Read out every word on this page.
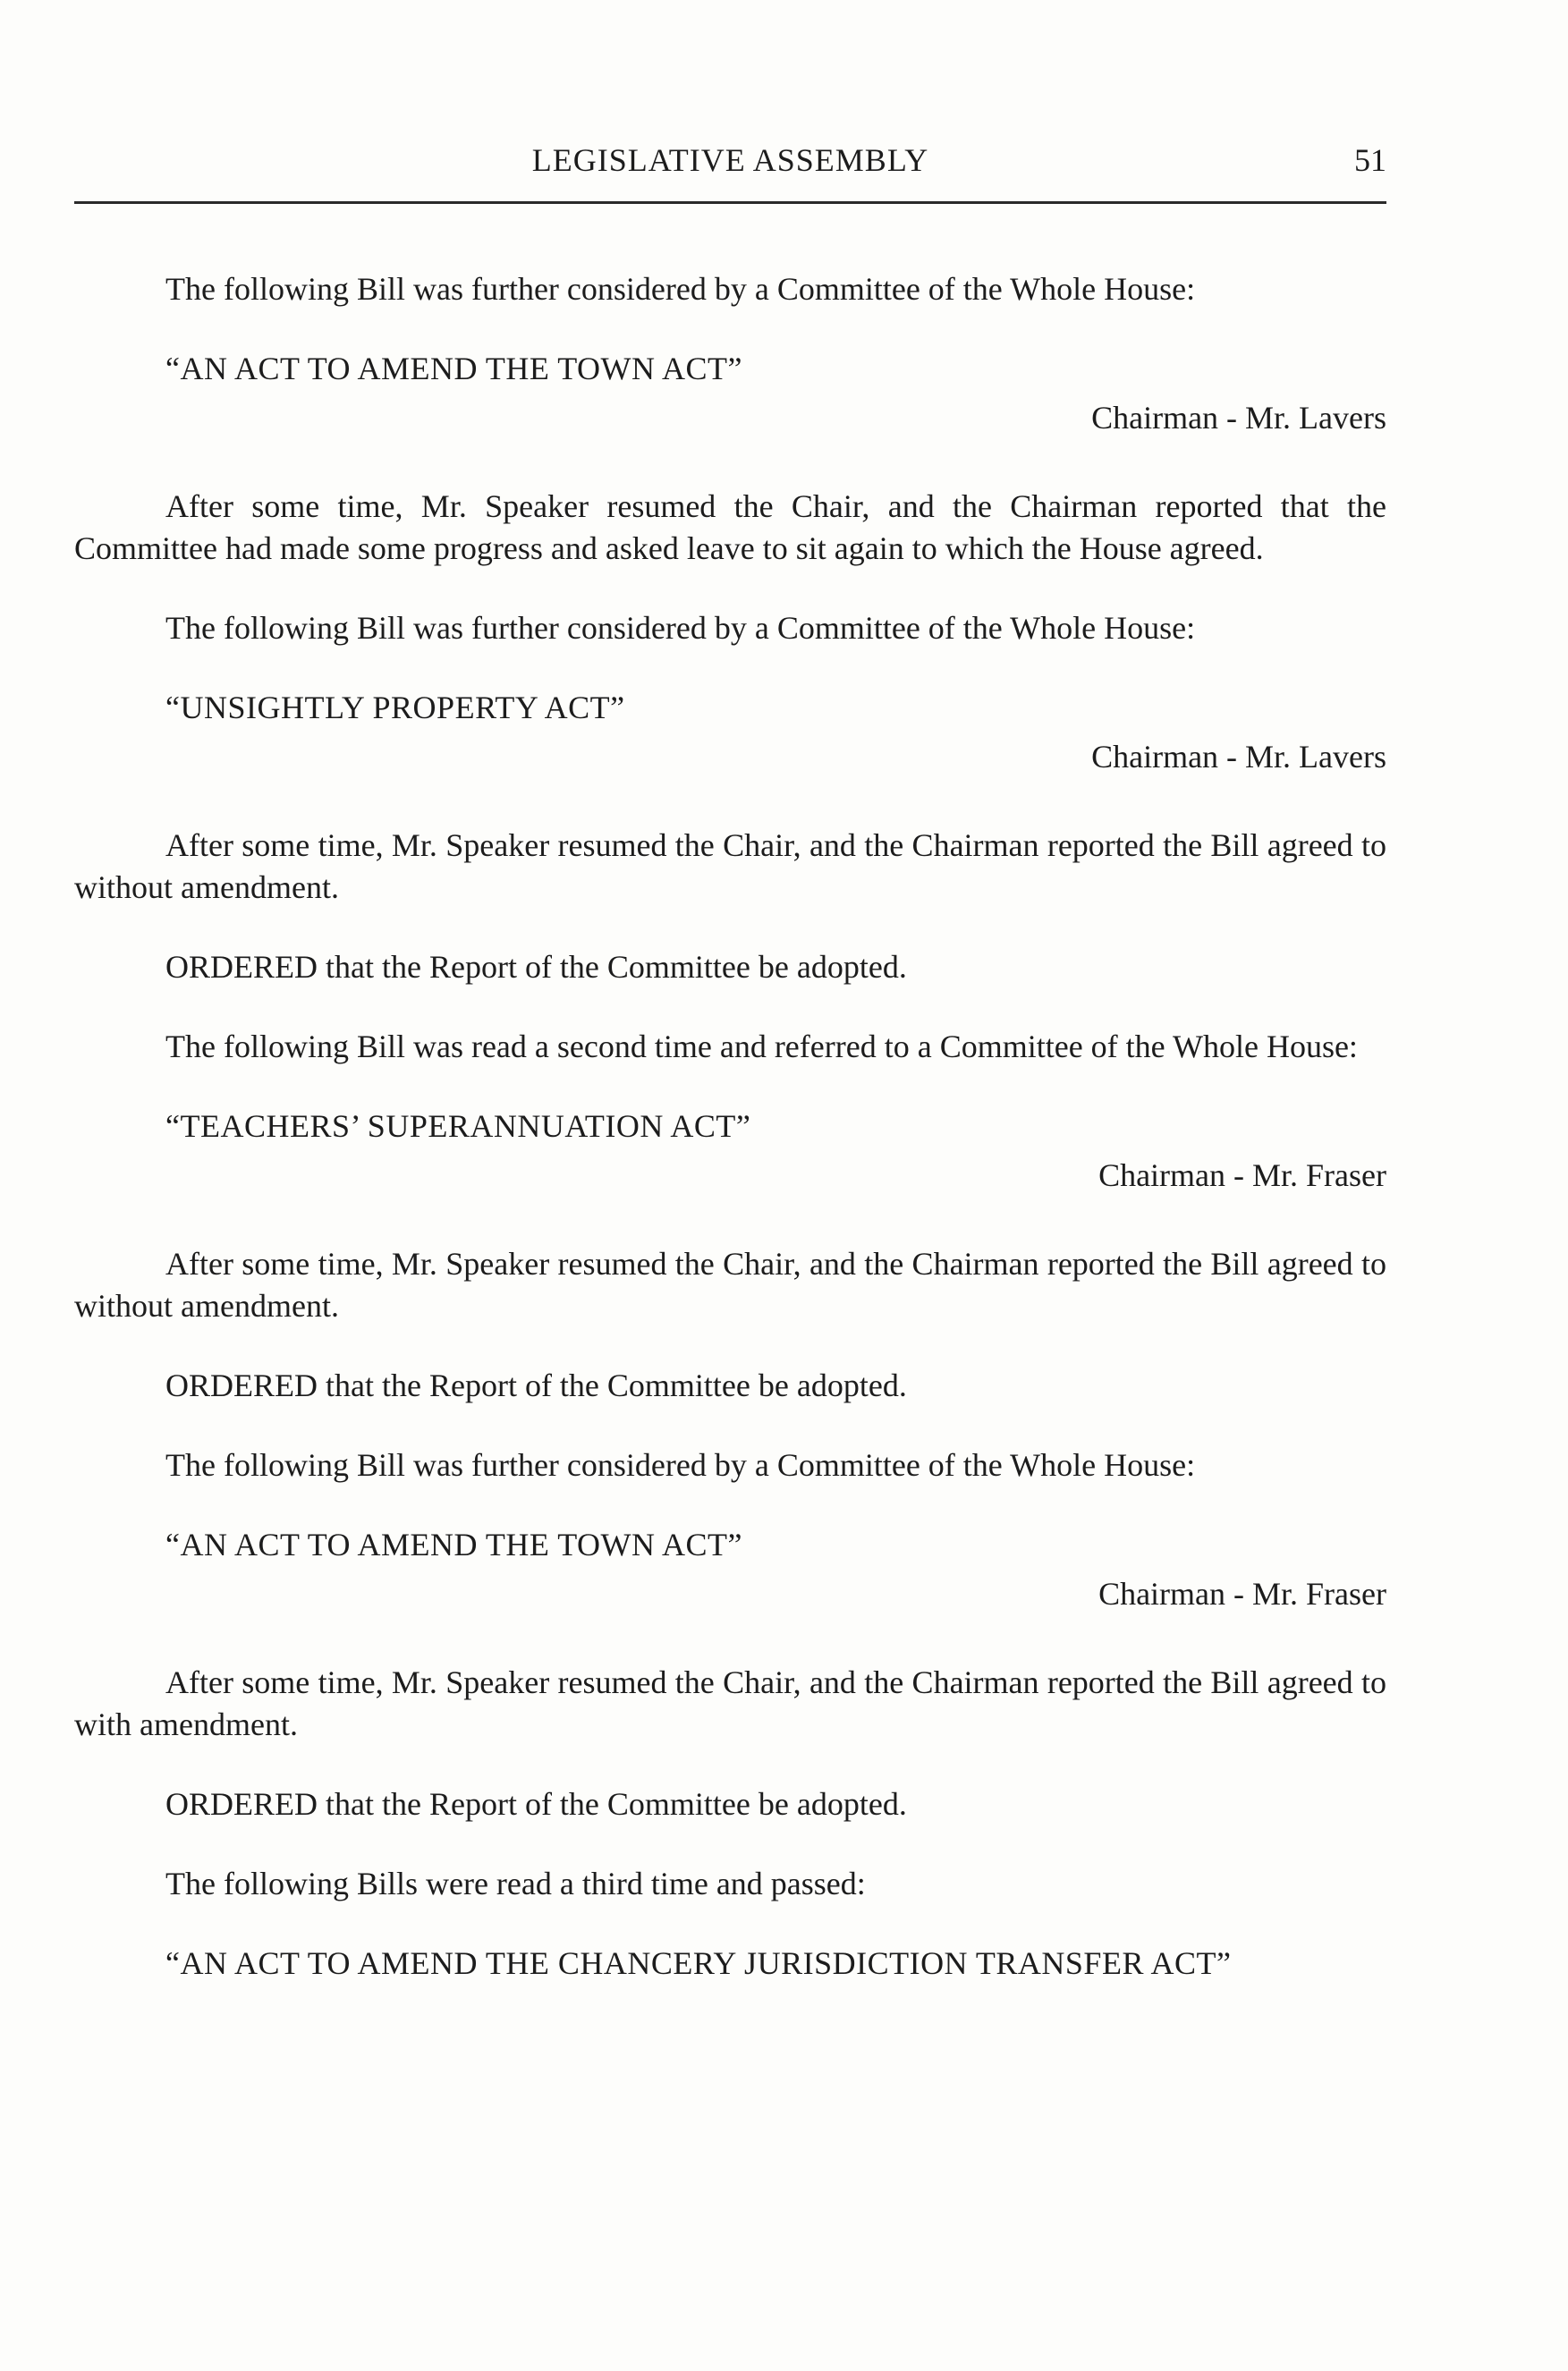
LEGISLATIVE ASSEMBLY	51

The following Bill was further considered by a Committee of the Whole House:

“AN ACT TO AMEND THE TOWN ACT”

Chairman - Mr. Lavers

After some time, Mr. Speaker resumed the Chair, and the Chairman reported that the Committee had made some progress and asked leave to sit again to which the House agreed.

The following Bill was further considered by a Committee of the Whole House:

“UNSIGHTLY PROPERTY ACT”

Chairman - Mr. Lavers

After some time, Mr. Speaker resumed the Chair, and the Chairman reported the Bill agreed to without amendment.

ORDERED that the Report of the Committee be adopted.

The following Bill was read a second time and referred to a Committee of the Whole House:

“TEACHERS’ SUPERANNUATION ACT”

Chairman - Mr. Fraser

After some time, Mr. Speaker resumed the Chair, and the Chairman reported the Bill agreed to without amendment.

ORDERED that the Report of the Committee be adopted.

The following Bill was further considered by a Committee of the Whole House:

“AN ACT TO AMEND THE TOWN ACT”

Chairman - Mr. Fraser

After some time, Mr. Speaker resumed the Chair, and the Chairman reported the Bill agreed to with amendment.

ORDERED that the Report of the Committee be adopted.

The following Bills were read a third time and passed:

“AN ACT TO AMEND THE CHANCERY JURISDICTION TRANSFER ACT”
